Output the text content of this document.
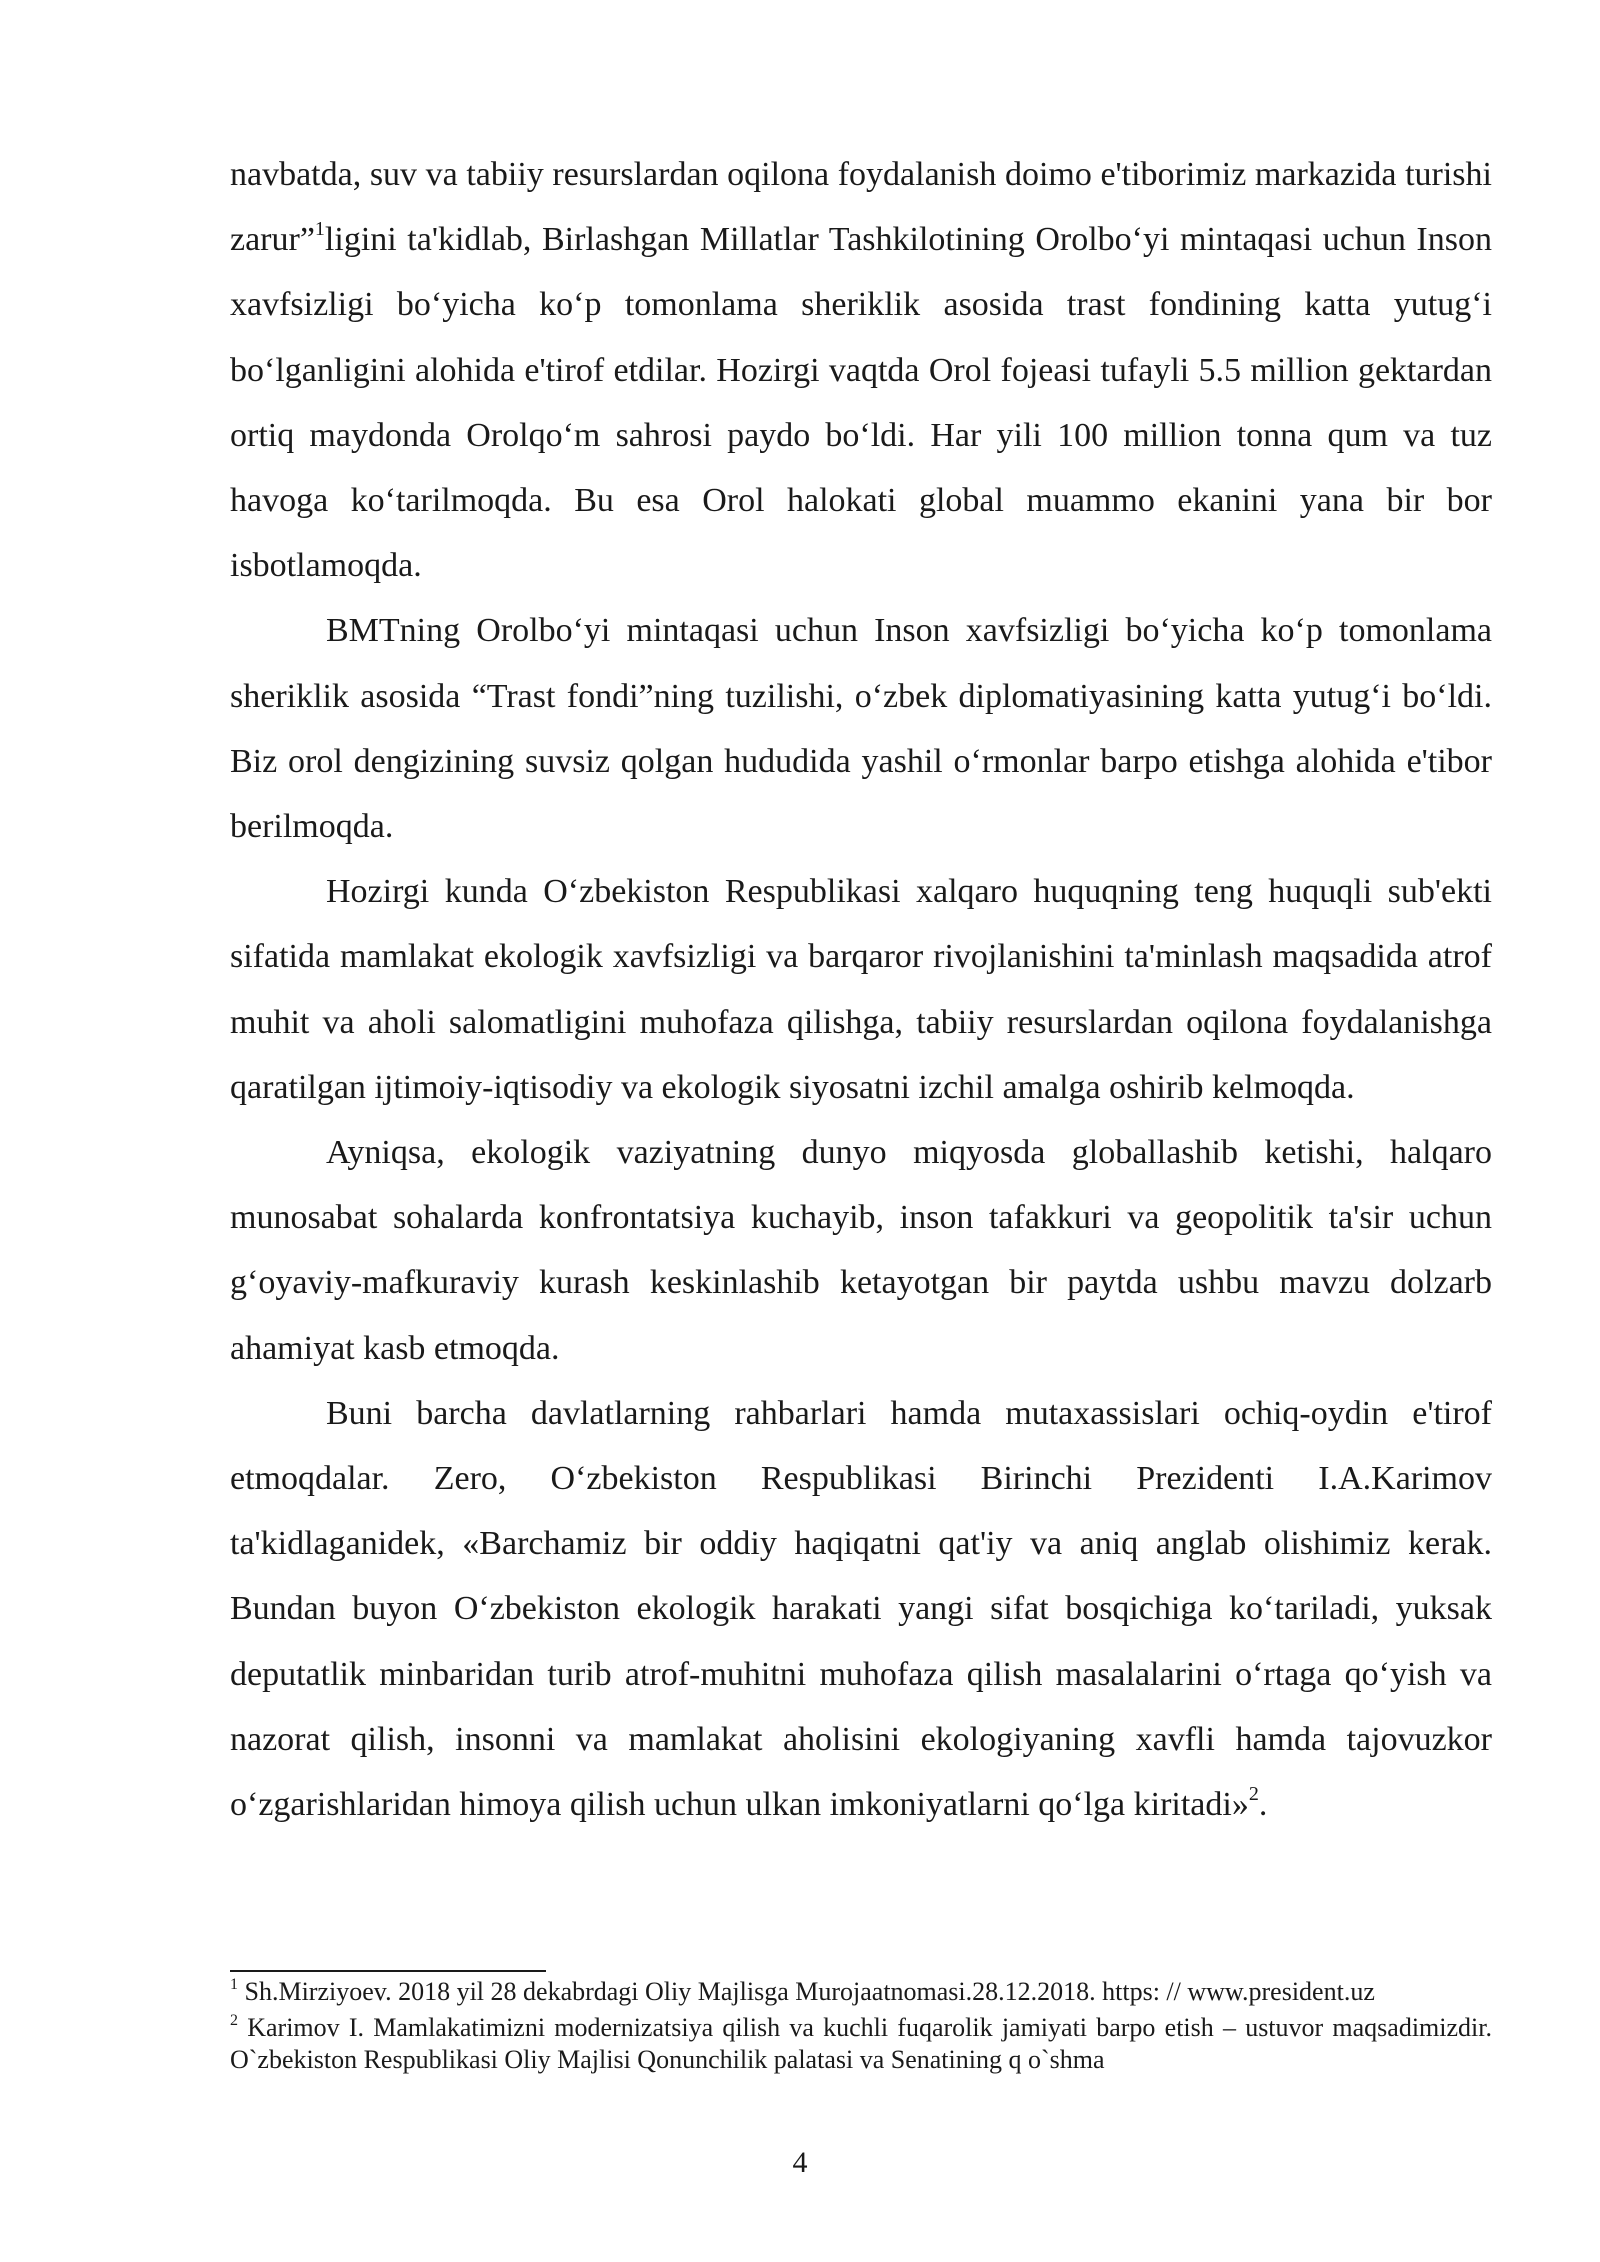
navbatda, suv va tabiiy resurslardan oqilona foydalanish doimo e'tiborimiz markazida turishi zarur”$^1$ligini ta'kidlab, Birlashgan Millatlar Tashkilotining Orolboʻyi mintaqasi uchun Inson xavfsizligi boʻyicha koʻp tomonlama sheriklik asosida trast fondining katta yutugʻi boʻlganligini alohida e'tirof etdilar. Hozirgi vaqtda Orol fojeasi tufayli 5.5 million gektardan ortiq maydonda Orolqoʻm sahrosi paydo boʻldi. Har yili 100 million tonna qum va tuz havoga koʻtarilmoqda. Bu esa Orol halokati global muammo ekanini yana bir bor isbotlamoqda.

BMTning Orolboʻyi mintaqasi uchun Inson xavfsizligi boʻyicha koʻp tomonlama sheriklik asosida “Trast fondi”ning tuzilishi, oʻzbek diplomatiyasining katta yutugʻi boʻldi. Biz orol dengizining suvsiz qolgan hududida yashil oʻrmonlar barpo etishga alohida e'tibor berilmoqda.

Hozirgi kunda Oʻzbekiston Respublikasi xalqaro huquqning teng huquqli sub'ekti sifatida mamlakat ekologik xavfsizligi va barqaror rivojlanishini ta'minlash maqsadida atrof muhit va aholi salomatligini muhofaza qilishga, tabiiy resurslardan oqilona foydalanishga qaratilgan ijtimoiy-iqtisodiy va ekologik siyosatni izchil amalga oshirib kelmoqda.

Ayniqsa, ekologik vaziyatning dunyo miqyosda globallashib ketishi, halqaro munosabat sohalarda konfrontatsiya kuchayib, inson tafakkuri va geopolitik ta'sir uchun gʻoyaviy-mafkuraviy kurash keskinlashib ketayotgan bir paytda ushbu mavzu dolzarb ahamiyat kasb etmoqda.

Buni barcha davlatlarning rahbarlari hamda mutaxassislari ochiq-oydin e'tirof etmoqdalar. Zero, Oʻzbekiston Respublikasi Birinchi Prezidenti I.A.Karimov ta'kidlaganidek, «Barchamiz bir oddiy haqiqatni qat'iy va aniq anglab olishimiz kerak. Bundan buyon Oʻzbekiston ekologik harakati yangi sifat bosqichiga koʻtariladi, yuksak deputatlik minbaridan turib atrof-muhitni muhofaza qilish masalalarini oʻrtaga qoʻyish va nazorat qilish, insonni va mamlakat aholisini ekologiyaning xavfli hamda tajovuzkor oʻzgarishlaridan himoya qilish uchun ulkan imkoniyatlarni qoʻlga kiritadi»$^2$.

$^1$ Sh.Mirziyoev. 2018 yil 28 dekabrdagi Oliy Majlisga Murojaatnomasi.28.12.2018. https: // www.president.uz

$^2$ Karimov I. Mamlakatimizni modernizatsiya qilish va kuchli fuqarolik jamiyati barpo etish – ustuvor maqsadimizdir. O`zbekiston Respublikasi Oliy Majlisi Qonunchilik palatasi va Senatining q o`shma

4
